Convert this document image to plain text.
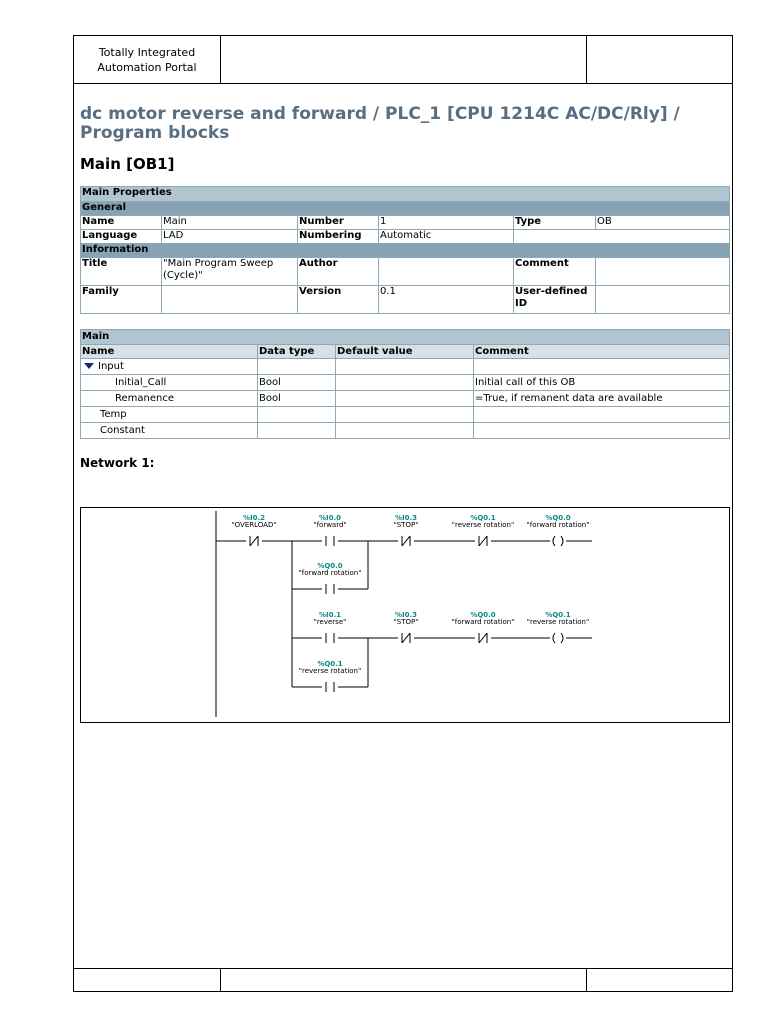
Totally Integrated
Automation Portal

dc motor reverse and forward / PLC_1 [CPU 1214C AC/DC/Rly] / Program blocks
Main [OB1]
Main Properties					
General					
Name	Main	Number	1	Type	OB
Language	LAD	Numbering	Automatic		
Information					
Title	"Main Program Sweep (Cycle)"	Author		Comment	
Family		Version	0.1	User-defined ID	
Main			
Name	Data type	Default value	Comment
Input			
Initial_Call	Bool		Initial call of this OB
Remanence	Bool		=True, if remanent data are available
Temp			
Constant			
Network 1:
%I0.2
"OVERLOAD"
%I0.0
"forward"
%I0.3
"STOP"
%Q0.1
"reverse rotation"
%Q0.0
"forward rotation"
%Q0.0
"forward rotation"
%I0.1
"reverse"
%I0.3
"STOP"
%Q0.0
"forward rotation"
%Q0.1
"reverse rotation"
%Q0.1
"reverse rotation"
